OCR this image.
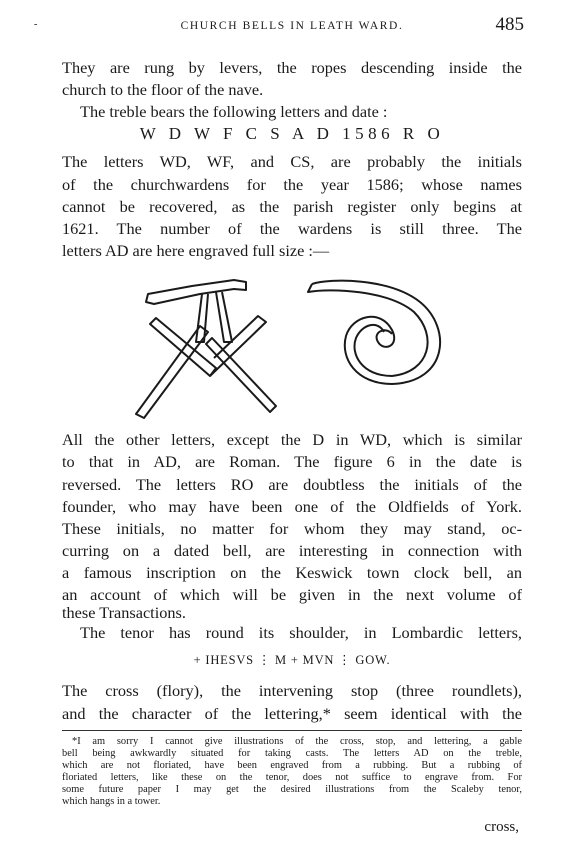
-	CHURCH BELLS IN LEATH WARD.	485
They are rung by levers, the ropes descending inside the
church to the floor of the nave.
The treble bears the following letters and date :
W D W F C S A D 1586 R O
The letters WD, WF, and CS, are probably the initials
of the churchwardens for the year 1586; whose names
cannot be recovered, as the parish register only begins at
1621. The number of the wardens is still three. The
letters AD are here engraved full size :—
All the other letters, except the D in WD, which is similar
to that in AD, are Roman. The figure 6 in the date is
reversed. The letters RO are doubtless the initials of the
founder, who may have been one of the Oldfields of York.
These initials, no matter for whom they may stand, oc-
curring on a dated bell, are interesting in connection with
a famous inscription on the Keswick town clock bell, an
an account of which will be given in the next volume of
these Transactions.
The tenor has round its shoulder, in Lombardic letters,
+ IHESVS ⋮ M + MVN ⋮ GOW.
The cross (flory), the intervening stop (three roundlets),
and the character of the lettering,* seem identical with the
*I am sorry I cannot give illustrations of the cross, stop, and lettering, a gable
bell being awkwardly situated for taking casts. The letters AD on the treble,
which are not floriated, have been engraved from a rubbing. But a rubbing of
floriated letters, like these on the tenor, does not suffice to engrave from. For
some future paper I may get the desired illustrations from the Scaleby tenor,
which hangs in a tower.
cross,
